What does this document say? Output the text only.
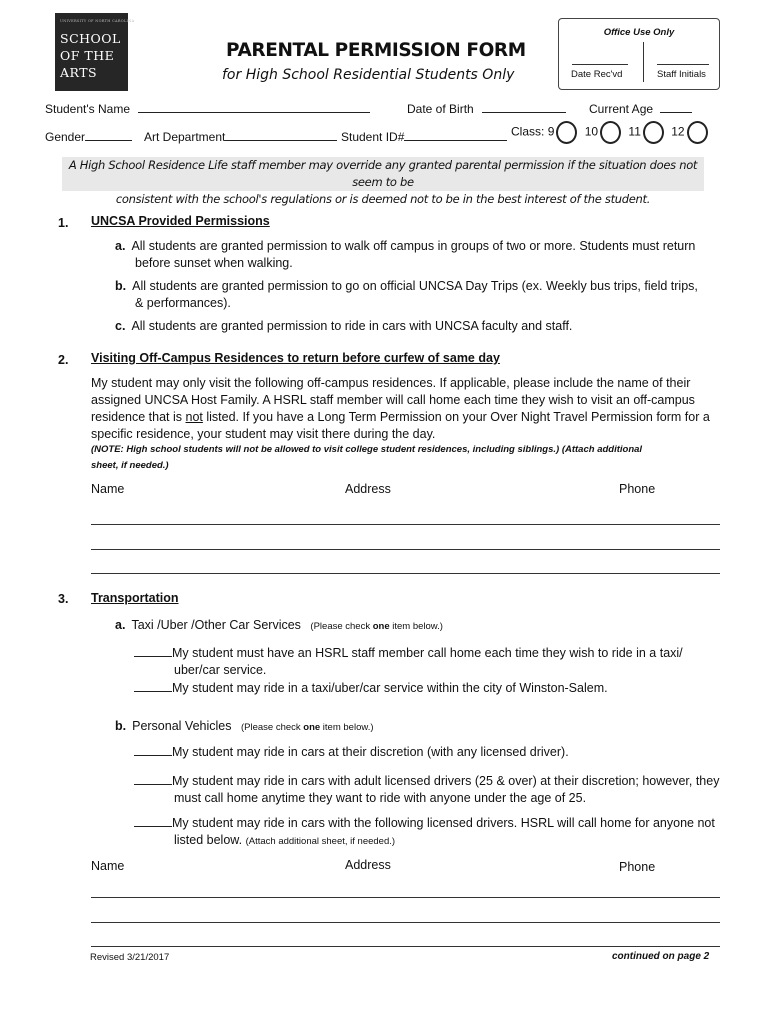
UNIVERSITY OF NORTH CAROLINA
SCHOOL
OF THE
ARTS
PARENTAL PERMISSION FORM
for High School Residential Students Only
Office Use Only
Date Rec'vd	Staff Initials
Student's Name	Date of Birth	Current Age
Gender	Art Department	Student ID#	Class: 9	10	11	12
A High School Residence Life staff member may override any granted parental permission if the situation does not seem to be
consistent with the school's regulations or is deemed not to be in the best interest of the student.
1. UNCSA Provided Permissions
a. All students are granted permission to walk off campus in groups of two or more. Students must return
before sunset when walking.
b. All students are granted permission to go on official UNCSA Day Trips (ex. Weekly bus trips, field trips,
& performances).
c. All students are granted permission to ride in cars with UNCSA faculty and staff.
2. Visiting Off-Campus Residences to return before curfew of same day
My student may only visit the following off-campus residences. If applicable, please include the name of their
assigned UNCSA Host Family. A HSRL staff member will call home each time they wish to visit an off-campus
residence that is not listed. If you have a Long Term Permission on your Over Night Travel Permission form for a
specific residence, your student may visit there during the day.
(NOTE: High school students will not be allowed to visit college student residences, including siblings.) (Attach additional
sheet, if needed.)
Name	Address	Phone
3. Transportation
a. Taxi /Uber /Other Car Services (Please check one item below.)
My student must have an HSRL staff member call home each time they wish to ride in a taxi/
uber/car service.
My student may ride in a taxi/uber/car service within the city of Winston-Salem.
b. Personal Vehicles (Please check one item below.)
My student may ride in cars at their discretion (with any licensed driver).
My student may ride in cars with adult licensed drivers (25 & over) at their discretion; however, they
must call home anytime they want to ride with anyone under the age of 25.
My student may ride in cars with the following licensed drivers. HSRL will call home for anyone not
listed below. (Attach additional sheet, if needed.)
Name	Address	Phone
Revised 3/21/2017	continued on page 2
